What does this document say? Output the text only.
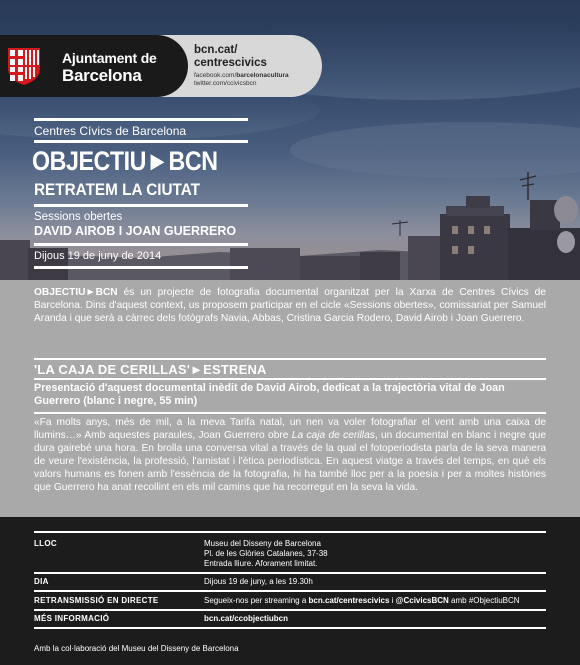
Ajuntament de
Barcelona
bcn.cat/
centrescivics
facebook.com/barcelonacultura
twitter.com/ccivicsbcn
Centres Cívics de Barcelona
OBJECTIU►BCN
RETRATEM LA CIUTAT
Sessions obertes
DAVID AIROB I JOAN GUERRERO
Dijous 19 de juny de 2014

OBJECTIU►BCN és un projecte de fotografia documental organitzat per la Xarxa de Centres Cívics de Barcelona. Dins d'aquest context, us proposem participar en el cicle «Sessions obertes», comissariat per Samuel Aranda i que serà a càrrec dels fotògrafs Navia, Abbas, Cristina Garcia Rodero, David Airob i Joan Guerrero.

'LA CAJA DE CERILLAS'►ESTRENA

Presentació d'aquest documental inèdit de David Airob, dedicat a la trajectòria vital de Joan Guerrero (blanc i negre, 55 min)

«Fa molts anys, més de mil, a la meva Tarifa natal, un nen va voler fotografiar el vent amb una caixa de llumins…» Amb aquestes paraules, Joan Guerrero obre La caja de cerillas, un documental en blanc i negre que dura gairebé una hora. En brolla una conversa vital a través de la qual el fotoperiodista parla de la seva manera de veure l'existència, la professió, l'amistat i l'ètica periodística. En aquest viatge a través del temps, en què els valors humans es fonen amb l'essència de la fotografia, hi ha també lloc per a la poesia i per a moltes històries que Guerrero ha anat recollint en els mil camins que ha recorregut en la seva la vida.

LLOC	Museu del Disseny de Barcelona
Pl. de les Glòries Catalanes, 37-38
Entrada lliure. Aforament limitat.
DIA	Dijous 19 de juny, a les 19.30h
RETRANSMISSIÓ EN DIRECTE	Segueix-nos per streaming a bcn.cat/centrescivics i @CcivicsBCN amb #ObjectiuBCN
MÉS INFORMACIÓ	bcn.cat/ccobjectiubcn
Amb la col·laboració del Museu del Disseny de Barcelona
